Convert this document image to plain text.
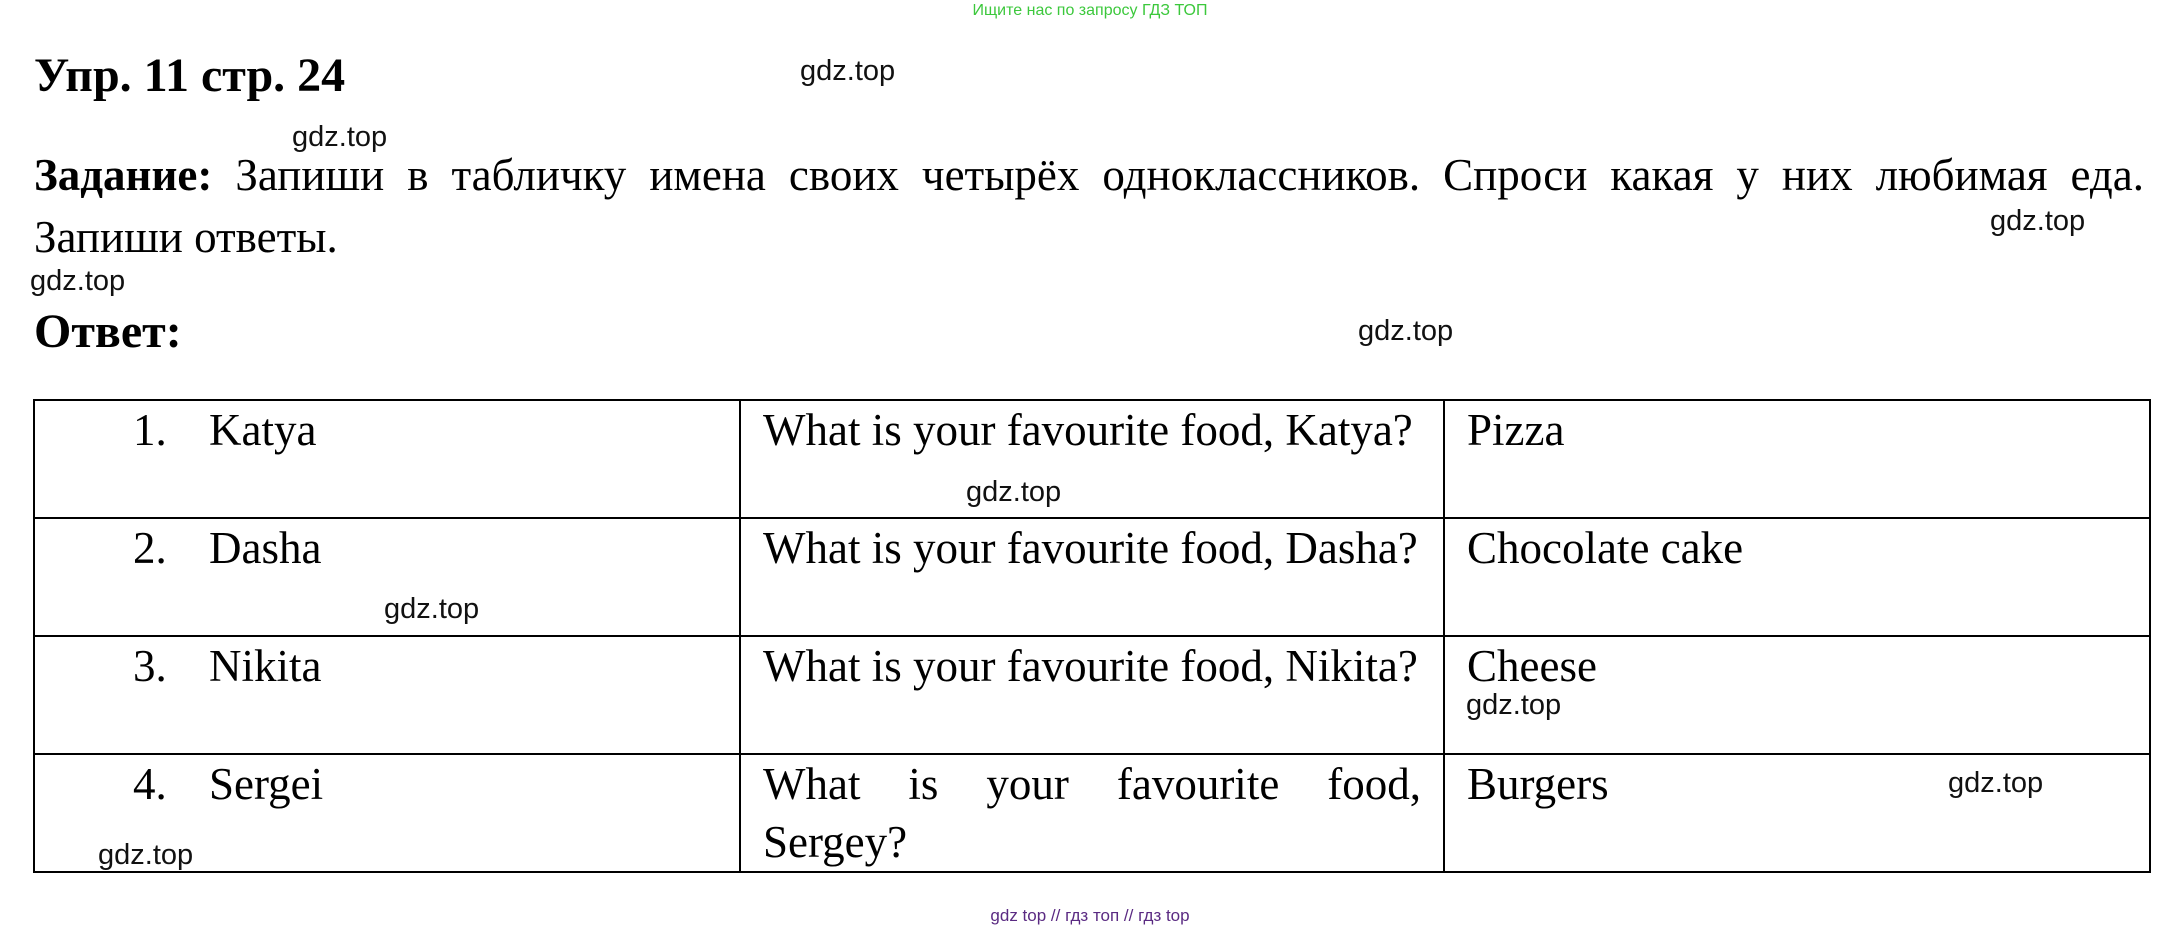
Ищите нас по запросу ГДЗ ТОП
Упр. 11 стр. 24

Задание: Запиши в табличку имена своих четырёх одноклассников. Спроси какая у них любимая еда. Запиши ответы.

Ответ:
1. Katya	What is your favourite food, Katya?	Pizza
2. Dasha	What is your favourite food, Dasha?	Chocolate cake
3. Nikita	What is your favourite food, Nikita?	Cheese
4. Sergei	What is your favourite food, Sergey?	Burgers
gdz.top
gdz.top
gdz.top
gdz.top
gdz.top
gdz.top
gdz.top
gdz.top
gdz.top
gdz.top
gdz top // гдз топ // гдз top
